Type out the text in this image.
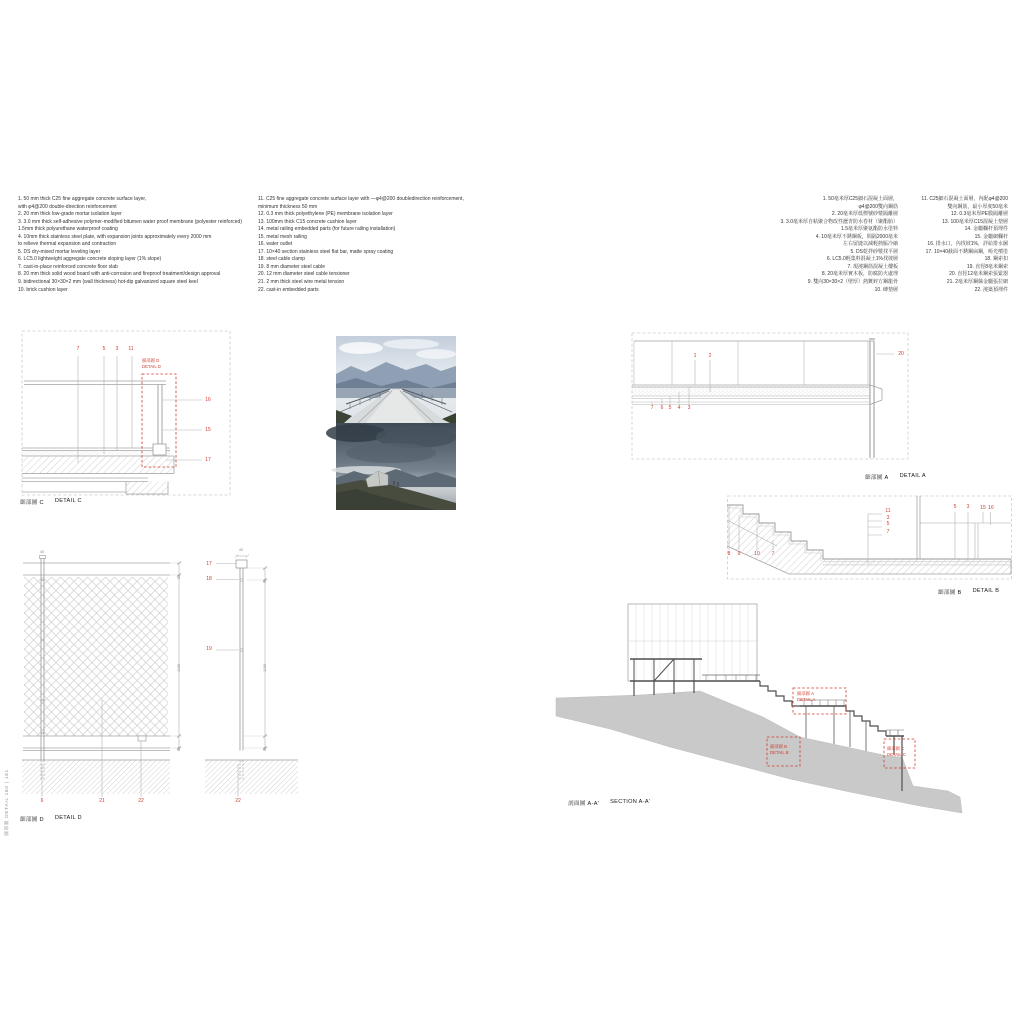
1. 50 mm thick C25 fine aggregate concrete surface layer,
with φ4@200 double-direction reinforcement
2. 20 mm thick low-grade mortar isolation layer
3. 3.0 mm thick self-adhesive polymer-modified bitumen water proof membrane (polyester reinforced)
1.5mm thick polyurethane waterproof coating
4. 10mm thick stainless steel plate, with expansion joints approximately every 2000 mm
to relieve thermal expansion and contraction
5. DS dry-mixed mortar leveling layer
6. LC5.0 lightweight aggregate concrete sloping layer (1% slope)
7. cast-in-place reinforced concrete floor slab
8. 20 mm thick solid wood board with anti-corrosion and fireproof treatment/design approval
9. bidirectional 30×30×2 mm (wall thickness) hot-dip galvanized square steel keel
10. brick cushion layer
11. C25 fine aggregate concrete surface layer with —φ4@200 doubledirection reinforcement,
minimum thickness 50 mm
12. 0.3 mm thick polyethylene (PE) membrane isolation layer
13. 100mm thick C15 concrete cushion layer
14. metal railing embedded parts (for future railing installation)
15. metal mesh railing
16. water outlet
17. 10×40 section stainless steel flat bar, matte spray coating
18. steel cable clamp
19. 8 mm diameter steel cable
20. 12 mm diameter steel cable tensioner
21. 2 mm thick steel wire metal tension
22. cast-in embedded parts
1. 50毫米厚C25細石混凝土面層，
φ4@200雙向鋼筋
2. 20毫米厚低標號砂漿隔離層
3. 3.0毫米厚自粘聚合物改性瀝青防水卷材（聚酯胎）
1.5毫米厚聚氨酯防水塗料
4. 10毫米厚不銹鋼板，間隔2000毫米
左右留縫以減輕熱脹冷縮
5. DS乾拌砂漿找平層
6. LC5.0輕集料混凝土1%找坡層
7. 現澆鋼筋混凝土樓板
8. 20毫米厚實木板，防腐防火處理
9. 雙向30×30×2（壁厚）熱鍍鋅方鋼龍骨
10. 磚墊層
11. C25細石混凝土面層，內配φ4@200
雙向鋼筋，最小厚度50毫米
12. 0.3毫米厚PE膜隔離層
13. 100毫米厚C15混凝土墊層
14. 金屬欄杆預埋件
15. 金屬網欄杆
16. 排水口，內找坡1%，詳給排水圖
17. 10×40截面不銹鋼扁鋼，啞光噴塗
18. 鋼索扣
19. 直徑8毫米鋼索
20. 直徑12毫米鋼索張緊器
21. 2毫米厚鋼絲金屬張拉網
22. 澆築預埋件
7	5 3 11
16
15
17
細部圖 D
DETAIL D
細部圖 C DETAIL C
1 2	20
7 6 5 4 3
細部圖 A DETAIL A
8 9	10 7
11
3
5
7
5 3 15 16
細部圖 B DETAIL B
17
18
19
6	21	22	22
40	40
1100
50
50
1100
50
50
細部圖 D DETAIL D
細部圖 A
DETAIL A
細部圖 B
DETAIL B
細部圖 C
DETAIL C
剖面圖 A-A' SECTION A-A'
細部圖 DETAIL 160 | 161
